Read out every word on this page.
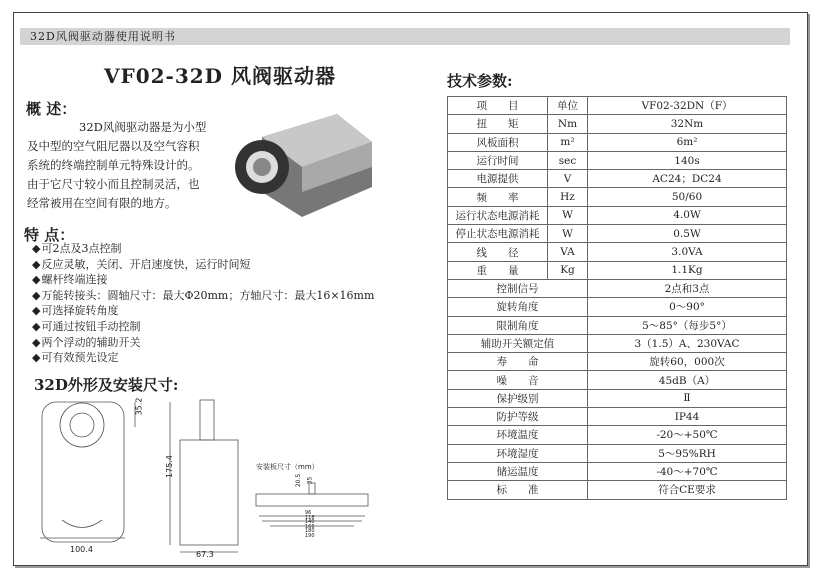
32D风阀驱动器使用说明书
VF02-32D 风阀驱动器
概 述：
32D风阀驱动器是为小型
及中型的空气阻尼器以及空气容积系统的终端控制单元特殊设计的。由于它尺寸较小而且控制灵活，也经常被用在空间有限的地方。
特 点：
◆ 可2点及3点控制
◆ 反应灵敏，关闭、开启速度快，运行时间短
◆ 螺杆终端连接
◆ 万能转接头：圆轴尺寸：最大Φ20mm；方轴尺寸：最大16×16mm
◆ 可选择旋转角度
◆ 可通过按钮手动控制
◆ 两个浮动的辅助开关
◆ 可有效预先设定
32D外形及安装尺寸:
35.2
100.4
175.4
67.3
安装板尺寸（mm）
20.5 35
96
118
140
166
180
190
技术参数:
项　　目	单位	VF02-32DN（F）
扭　　矩	Nm	32Nm
风板面积	m²	6m²
运行时间	sec	140s
电源提供	V	AC24；DC24
频　　率	Hz	50/60
运行状态电源消耗	W	4.0W
停止状态电源消耗	W	0.5W
线　　径	VA	3.0VA
重　　量	Kg	1.1Kg
控制信号		2点和3点
旋转角度		0～90°
限制角度		5～85°（每步5°）
辅助开关额定值		3（1.5）A、230VAC
寿　　命		旋转60，000次
噪　　音		45dB（A）
保护级别		Ⅱ
防护等级		IP44
环境温度		-20～+50℃
环境湿度		5～95%RH
储运温度		-40～+70℃
标　　准		符合CE要求
